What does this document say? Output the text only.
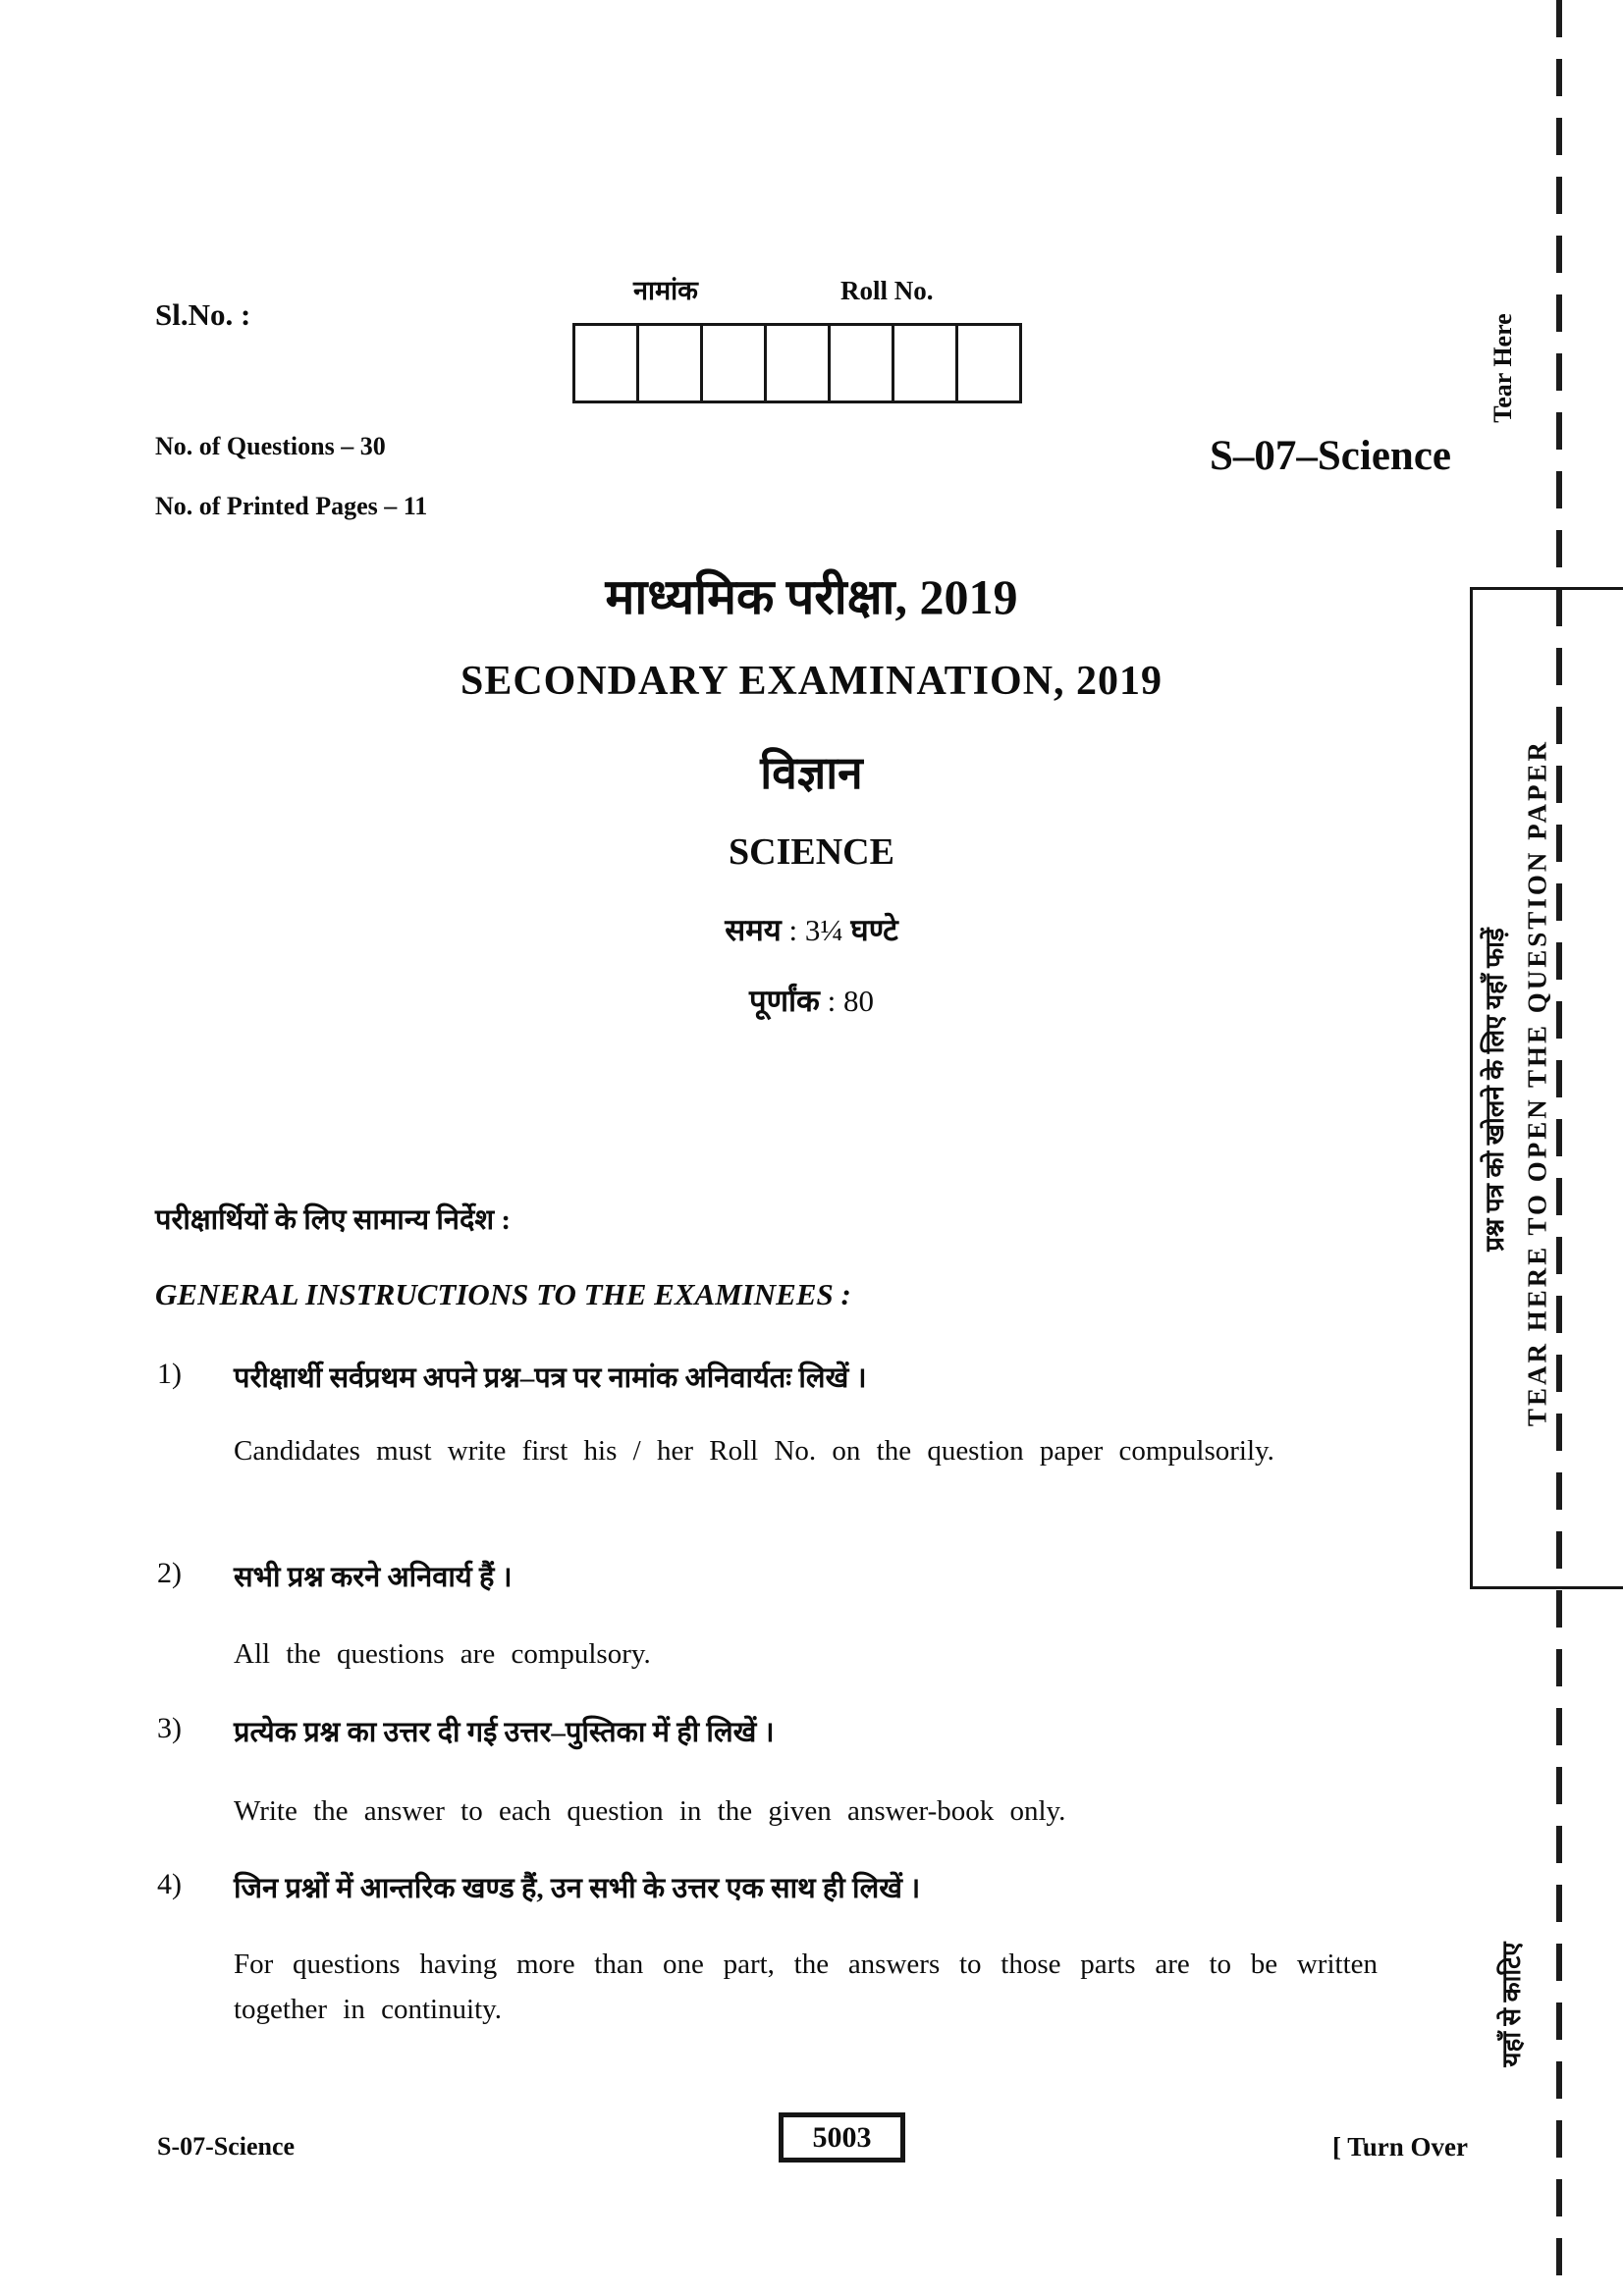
Sl.No. :
नामांक	Roll No.
No. of Questions – 30
No. of Printed Pages – 11
S–07–Science
माध्यमिक परीक्षा, 2019
SECONDARY EXAMINATION, 2019
विज्ञान
SCIENCE
समय : 3¼ घण्टे
पूर्णांक : 80
परीक्षार्थियों के लिए सामान्य निर्देश :
GENERAL INSTRUCTIONS TO THE EXAMINEES :
1) परीक्षार्थी सर्वप्रथम अपने प्रश्न–पत्र पर नामांक अनिवार्यतः लिखें ।
Candidates must write first his / her Roll No. on the question paper compulsorily.
2) सभी प्रश्न करने अनिवार्य हैं ।
All the questions are compulsory.
3) प्रत्येक प्रश्न का उत्तर दी गई उत्तर–पुस्तिका में ही लिखें ।
Write the answer to each question in the given answer-book only.
4) जिन प्रश्नों में आन्तरिक खण्ड हैं, उन सभी के उत्तर एक साथ ही लिखें ।
For questions having more than one part, the answers to those parts are to be written together in continuity.
S-07-Science	5003	[ Turn Over
Tear Here
TEAR HERE TO OPEN THE QUESTION PAPER
प्रश्न पत्र को खोलने के लिए यहाँ फाड़ें
यहाँ से काटिए
